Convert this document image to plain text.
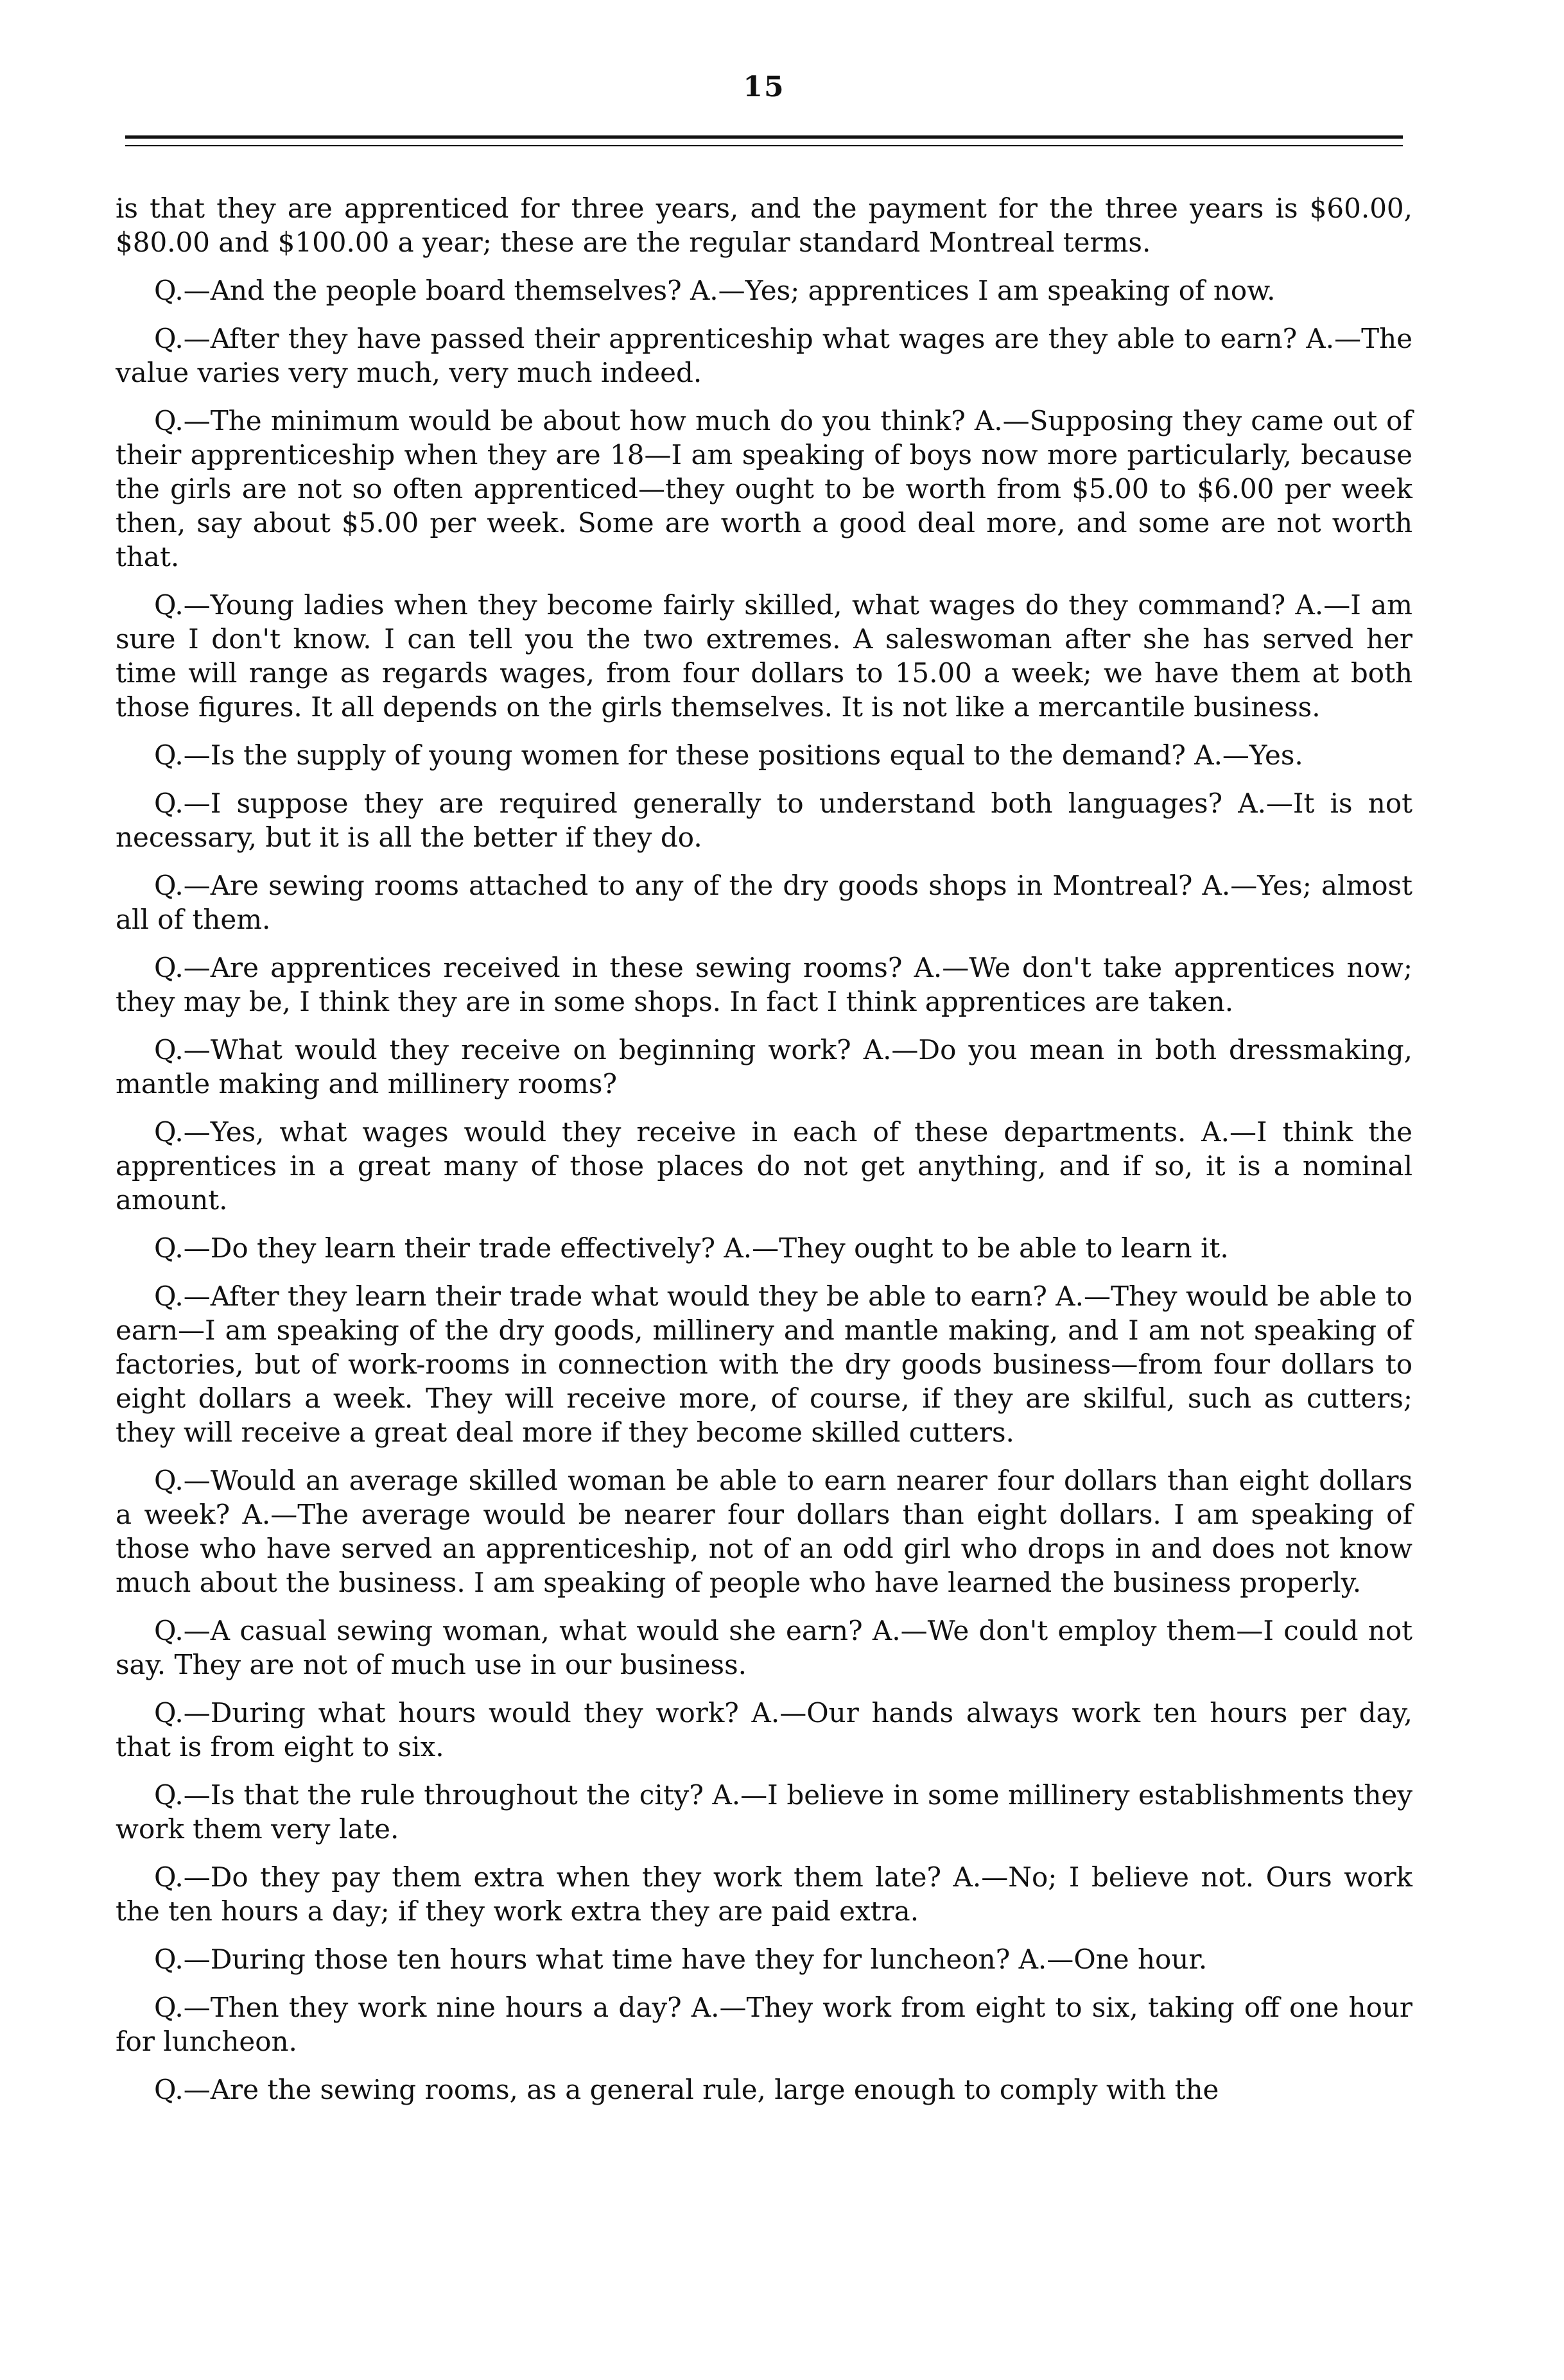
15

is that they are apprenticed for three years, and the payment for the three years is $60.00, $80.00 and $100.00 a year; these are the regular standard Montreal terms.

Q.—And the people board themselves? A.—Yes; apprentices I am speaking of now.

Q.—After they have passed their apprenticeship what wages are they able to earn? A.—The value varies very much, very much indeed.

Q.—The minimum would be about how much do you think? A.—Supposing they came out of their apprenticeship when they are 18—I am speaking of boys now more particularly, because the girls are not so often apprenticed—they ought to be worth from $5.00 to $6.00 per week then, say about $5.00 per week. Some are worth a good deal more, and some are not worth that.

Q.—Young ladies when they become fairly skilled, what wages do they command? A.—I am sure I don't know. I can tell you the two extremes. A saleswoman after she has served her time will range as regards wages, from four dollars to 15.00 a week; we have them at both those figures. It all depends on the girls themselves. It is not like a mercantile business.

Q.—Is the supply of young women for these positions equal to the demand? A.—Yes.

Q.—I suppose they are required generally to understand both languages? A.—It is not necessary, but it is all the better if they do.

Q.—Are sewing rooms attached to any of the dry goods shops in Montreal? A.—Yes; almost all of them.

Q.—Are apprentices received in these sewing rooms? A.—We don't take apprentices now; they may be, I think they are in some shops. In fact I think apprentices are taken.

Q.—What would they receive on beginning work? A.—Do you mean in both dressmaking, mantle making and millinery rooms?

Q.—Yes, what wages would they receive in each of these departments. A.—I think the apprentices in a great many of those places do not get anything, and if so, it is a nominal amount.

Q.—Do they learn their trade effectively? A.—They ought to be able to learn it.

Q.—After they learn their trade what would they be able to earn? A.—They would be able to earn—I am speaking of the dry goods, millinery and mantle making, and I am not speaking of factories, but of work-rooms in connection with the dry goods business—from four dollars to eight dollars a week. They will receive more, of course, if they are skilful, such as cutters; they will receive a great deal more if they become skilled cutters.

Q.—Would an average skilled woman be able to earn nearer four dollars than eight dollars a week? A.—The average would be nearer four dollars than eight dollars. I am speaking of those who have served an apprenticeship, not of an odd girl who drops in and does not know much about the business. I am speaking of people who have learned the business properly.

Q.—A casual sewing woman, what would she earn? A.—We don't employ them—I could not say. They are not of much use in our business.

Q.—During what hours would they work? A.—Our hands always work ten hours per day, that is from eight to six.

Q.—Is that the rule throughout the city? A.—I believe in some millinery establishments they work them very late.

Q.—Do they pay them extra when they work them late? A.—No; I believe not. Ours work the ten hours a day; if they work extra they are paid extra.

Q.—During those ten hours what time have they for luncheon? A.—One hour.

Q.—Then they work nine hours a day? A.—They work from eight to six, taking off one hour for luncheon.

Q.—Are the sewing rooms, as a general rule, large enough to comply with the
